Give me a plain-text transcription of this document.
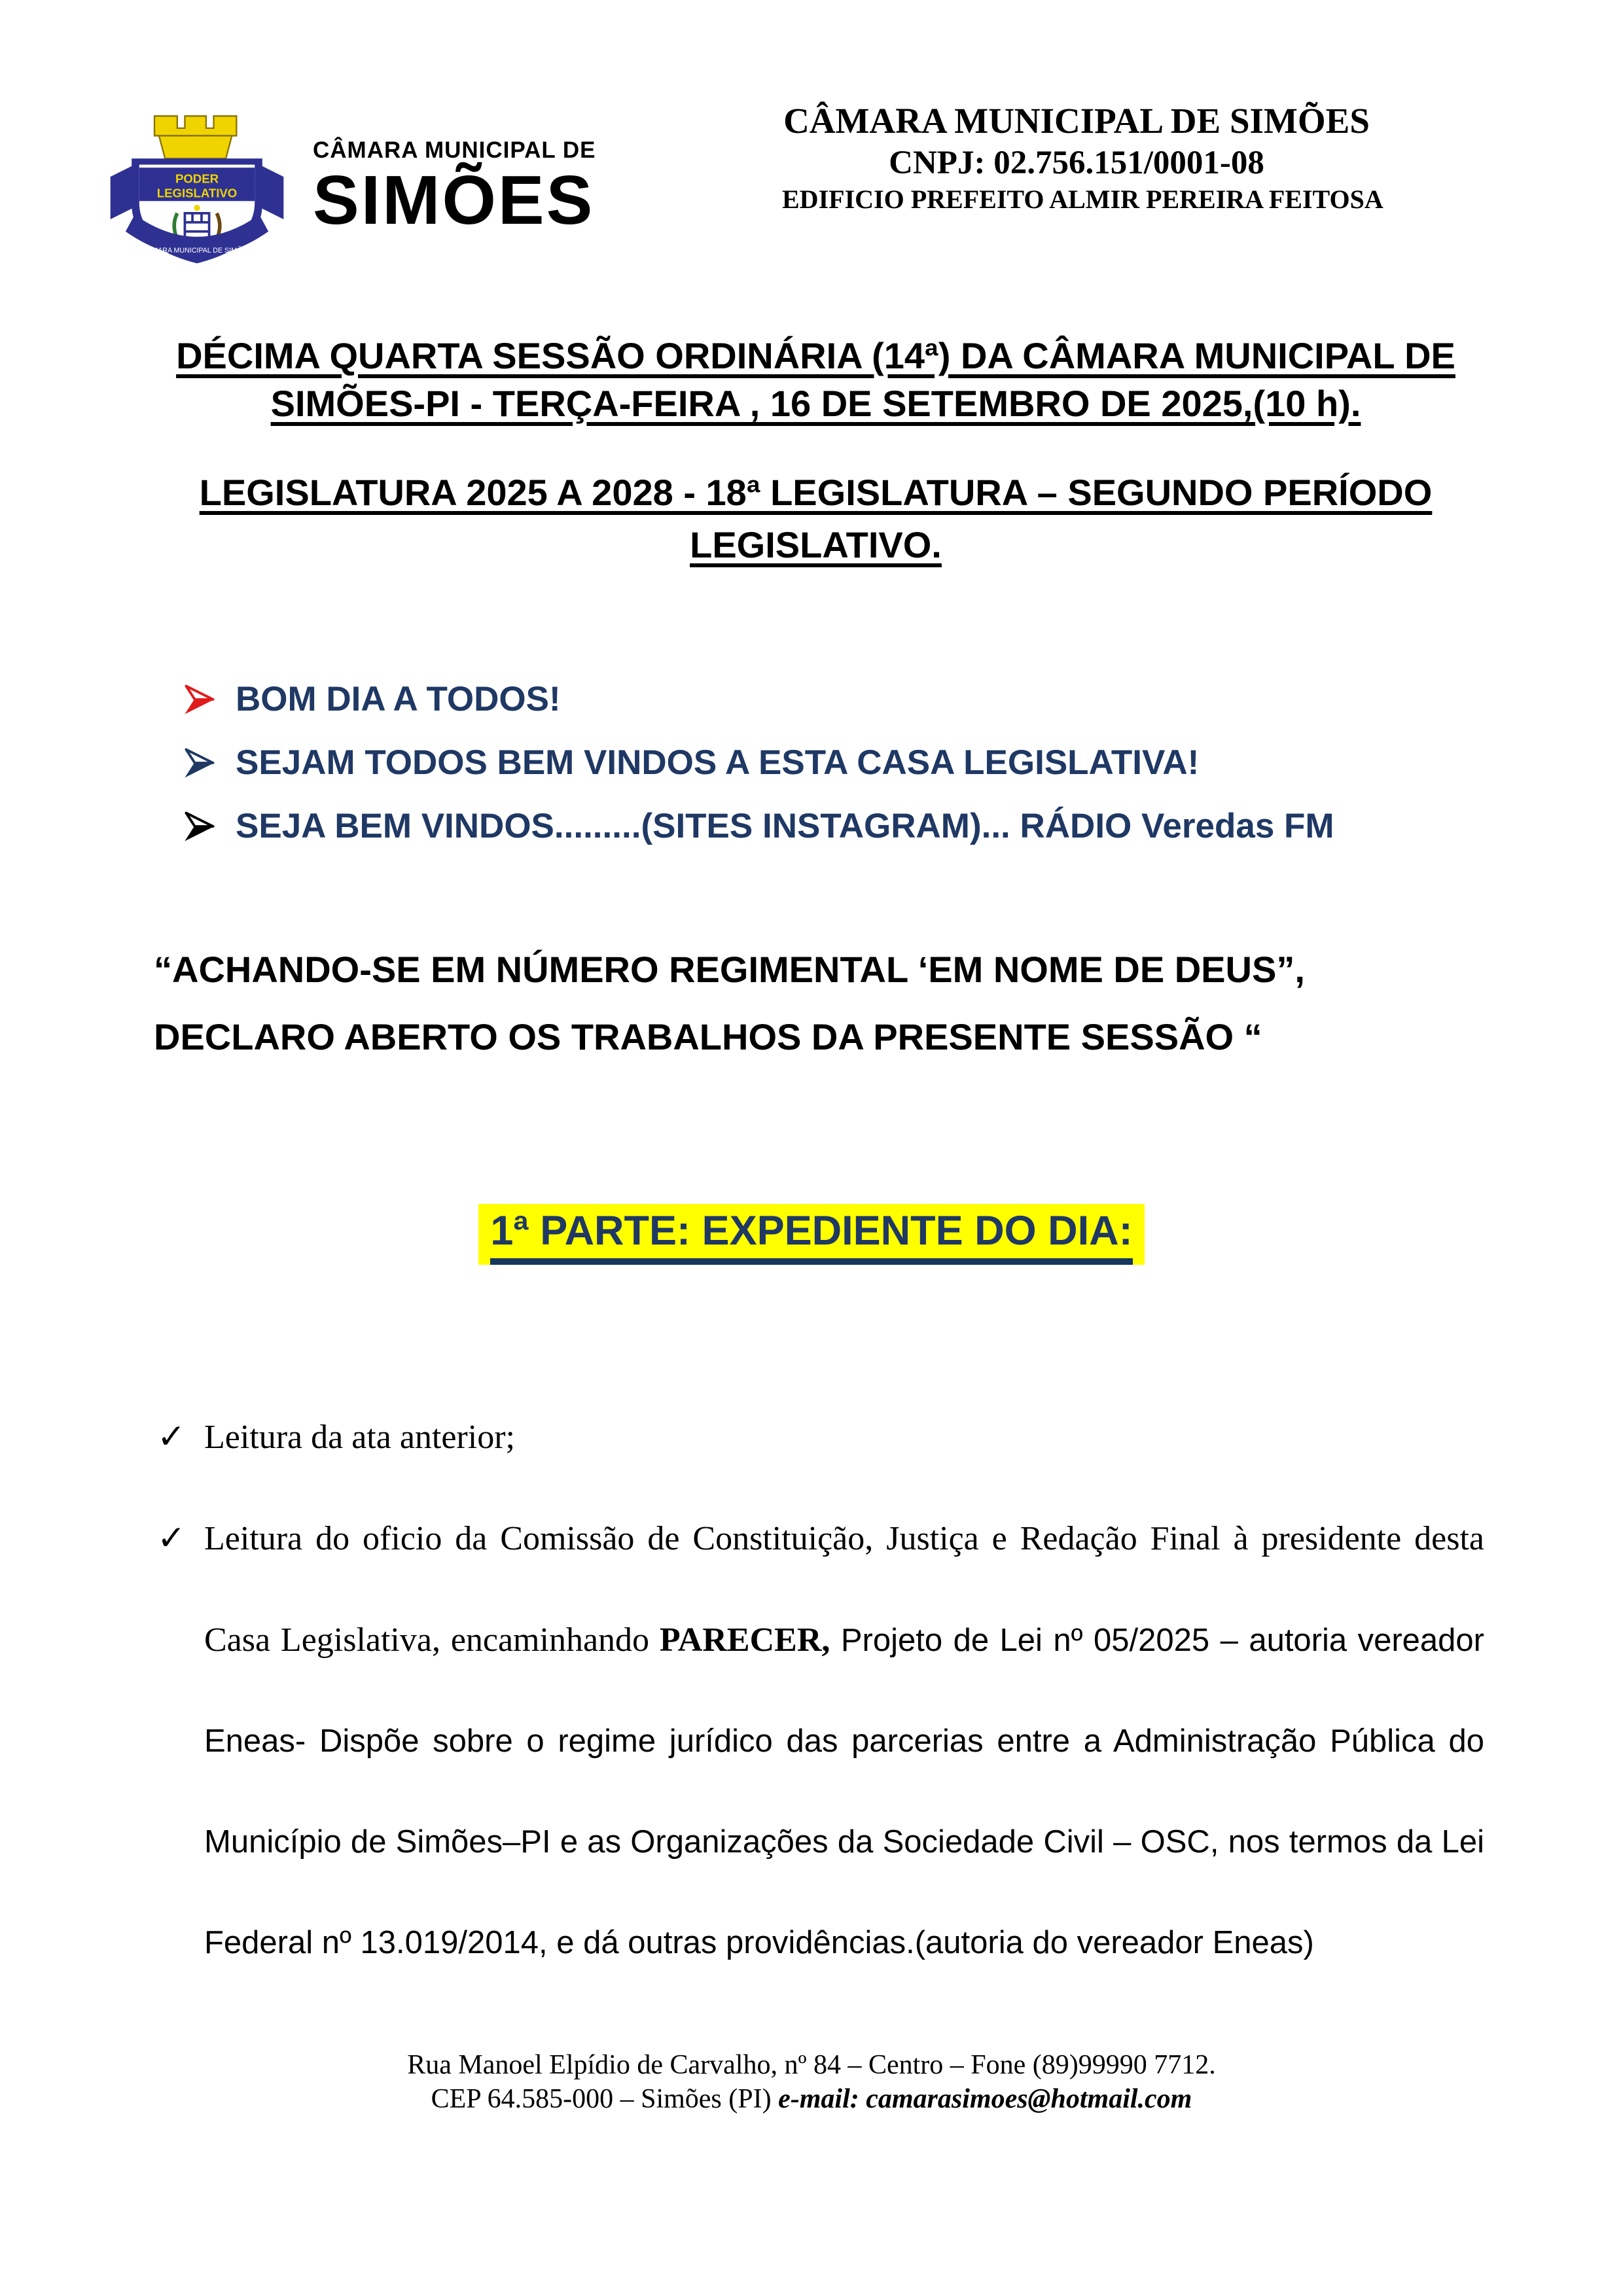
PODER
LEGISLATIVO
CÂMARA MUNICIPAL DE SIMÕES
CÂMARA MUNICIPAL DE
SIMÕES
CÂMARA MUNICIPAL DE SIMÕES
CNPJ: 02.756.151/0001-08
EDIFICIO PREFEITO ALMIR PEREIRA FEITOSA
DÉCIMA QUARTA SESSÃO ORDINÁRIA (14ª) DA CÂMARA MUNICIPAL DE
SIMÕES-PI - TERÇA-FEIRA , 16 DE SETEMBRO DE 2025,(10 h).
LEGISLATURA 2025 A 2028 - 18ª LEGISLATURA – SEGUNDO PERÍODO
LEGISLATIVO.
BOM DIA A TODOS!
SEJAM TODOS BEM VINDOS A ESTA CASA LEGISLATIVA!
SEJA BEM VINDOS.........(SITES INSTAGRAM)... RÁDIO Veredas FM
“ACHANDO-SE EM NÚMERO REGIMENTAL ‘EM NOME DE DEUS”,
DECLARO ABERTO OS TRABALHOS DA PRESENTE SESSÃO “
1ª PARTE: EXPEDIENTE DO DIA:
✓ Leitura da ata anterior;
✓ Leitura do oficio da Comissão de Constituição, Justiça e Redação Final à presidente desta Casa Legislativa, encaminhando PARECER, Projeto de Lei nº 05/2025 – autoria vereador Eneas- Dispõe sobre o regime jurídico das parcerias entre a Administração Pública do Município de Simões–PI e as Organizações da Sociedade Civil – OSC, nos termos da Lei Federal nº 13.019/2014, e dá outras providências.(autoria do vereador Eneas)
Rua Manoel Elpídio de Carvalho, nº 84 – Centro – Fone (89)99990 7712.
CEP 64.585-000 – Simões (PI) e-mail: camarasimoes@hotmail.com
